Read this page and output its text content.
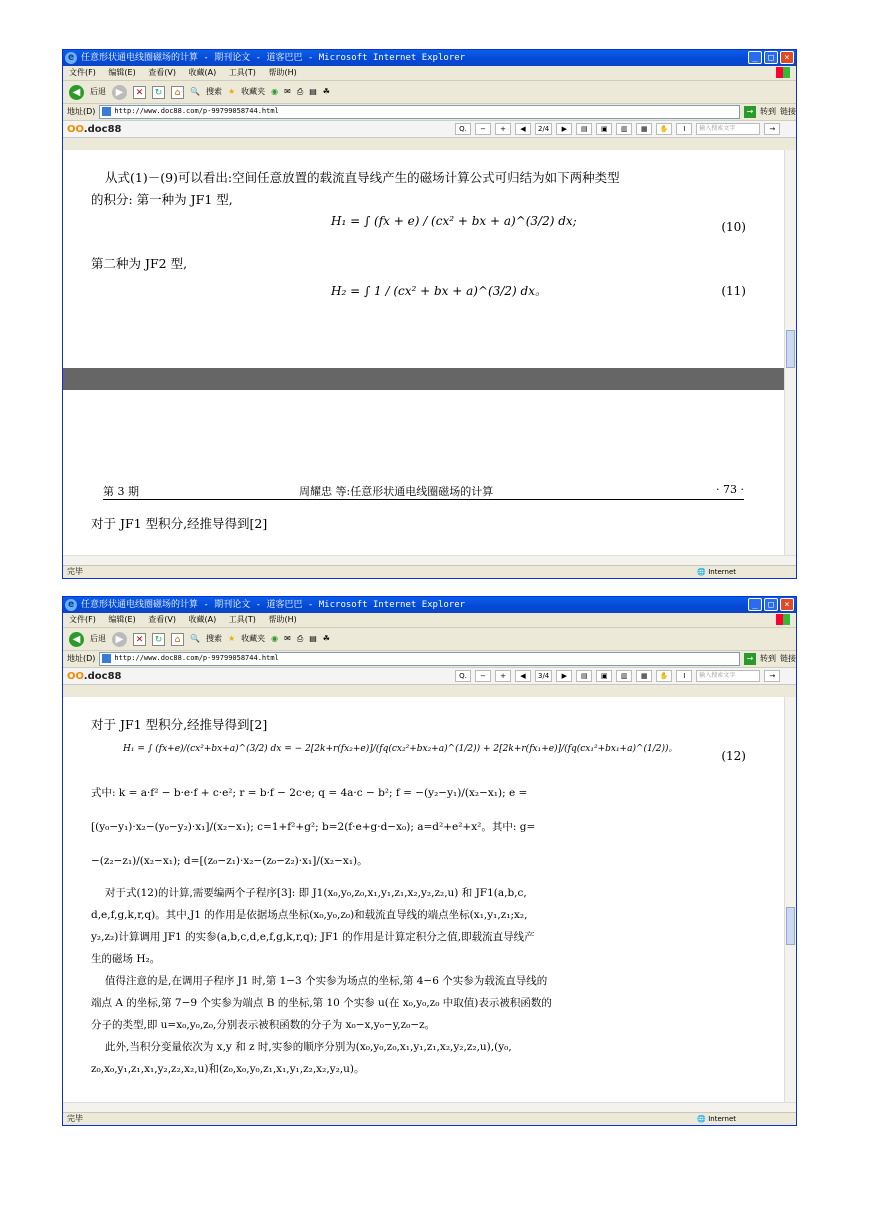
e 任意形状通电线圈磁场的计算 - 期刊论文 - 道客巴巴 - Microsoft Internet Explorer	_	□	×
文件(F) 编辑(E) 查看(V) 收藏(A) 工具(T) 帮助(H)
◀	后退 ▶	✕	↻	⌂	🔍 搜索 ★ 收藏夹 ◉ ✉ ⎙ ▤ ☘
地址(D)	http://www.doc88.com/p-99799058744.html	→ 转到 链接
OO.doc88	Q.	−	+	◀	2/4	▶	▤	▣	▥	▦	✋	I	输入搜索文字	→
从式(1)－(9)可以看出:空间任意放置的载流直导线产生的磁场计算公式可归结为如下两种类型
的积分: 第一种为 JF1 型,
H₁ = ∫ (fx + e) / (cx² + bx + a)^(3/2) dx;	(10)
第二种为 JF2 型,
H₂ = ∫ 1 / (cx² + bx + a)^(3/2) dx。	(11)
第 3 期	周耀忠 等:任意形状通电线圈磁场的计算	· 73 ·
对于 JF1 型积分,经推导得到[2]
完毕	🌐 Internet
e 任意形状通电线圈磁场的计算 - 期刊论文 - 道客巴巴 - Microsoft Internet Explorer	_	□	×
文件(F) 编辑(E) 查看(V) 收藏(A) 工具(T) 帮助(H)
◀	后退 ▶	✕	↻	⌂	🔍 搜索 ★ 收藏夹 ◉ ✉ ⎙ ▤ ☘
地址(D)	http://www.doc88.com/p-99799058744.html	→ 转到 链接
OO.doc88	Q.	−	+	◀	3/4	▶	▤	▣	▥	▦	✋	I	输入搜索文字	→
对于 JF1 型积分,经推导得到[2]
H₁ = ∫ (fx+e)/(cx²+bx+a)^(3/2) dx = − 2[2k+r(fx₂+e)]/(fq(cx₂²+bx₂+a)^(1/2)) + 2[2k+r(fx₁+e)]/(fq(cx₁²+bx₁+a)^(1/2))。	(12)
式中: k = a·f² − b·e·f + c·e²; r = b·f − 2c·e; q = 4a·c − b²; f = −(y₂−y₁)/(x₂−x₁); e =
[(y₀−y₁)·x₂−(y₀−y₂)·x₁]/(x₂−x₁); c=1+f²+g²; b=2(f·e+g·d−x₀); a=d²+e²+x²。其中: g=
−(z₂−z₁)/(x₂−x₁); d=[(z₀−z₁)·x₂−(z₀−z₂)·x₁]/(x₂−x₁)。
对于式(12)的计算,需要编两个子程序[3]: 即 J1(x₀,y₀,z₀,x₁,y₁,z₁,x₂,y₂,z₂,u) 和 JF1(a,b,c,
d,e,f,g,k,r,q)。其中,J1 的作用是依据场点坐标(x₀,y₀,z₀)和载流直导线的端点坐标(x₁,y₁,z₁;x₂,
y₂,z₂)计算调用 JF1 的实参(a,b,c,d,e,f,g,k,r,q); JF1 的作用是计算定积分之值,即载流直导线产
生的磁场 H₂。
值得注意的是,在调用子程序 J1 时,第 1−3 个实参为场点的坐标,第 4−6 个实参为载流直导线的
端点 A 的坐标,第 7−9 个实参为端点 B 的坐标,第 10 个实参 u(在 x₀,y₀,z₀ 中取值)表示被积函数的
分子的类型,即 u=x₀,y₀,z₀,分别表示被积函数的分子为 x₀−x,y₀−y,z₀−z。
此外,当积分变量依次为 x,y 和 z 时,实参的顺序分别为(x₀,y₀,z₀,x₁,y₁,z₁,x₂,y₂,z₂,u),(y₀,
z₀,x₀,y₁,z₁,x₁,y₂,z₂,x₂,u)和(z₀,x₀,y₀,z₁,x₁,y₁,z₂,x₂,y₂,u)。
完毕	🌐 Internet
